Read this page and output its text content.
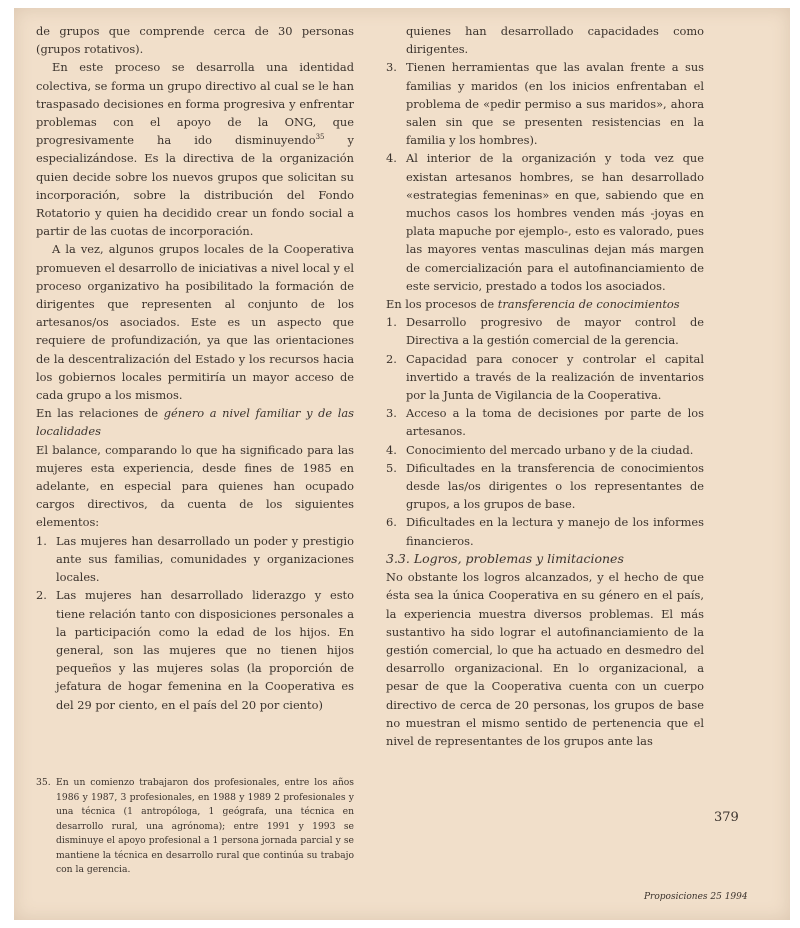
de grupos que comprende cerca de 30 personas (grupos rotativos).

En este proceso se desarrolla una identidad colectiva, se forma un grupo directivo al cual se le han traspasado decisiones en forma progresiva y enfrentar problemas con el apoyo de la ONG, que progresivamente ha ido disminuyendo$^{35}$ y especializándose. Es la directiva de la organización quien decide sobre los nuevos grupos que solicitan su incorporación, sobre la distribución del Fondo Rotatorio y quien ha decidido crear un fondo social a partir de las cuotas de incorporación.

A la vez, algunos grupos locales de la Cooperativa promueven el desarrollo de iniciativas a nivel local y el proceso organizativo ha posibilitado la formación de dirigentes que representen al conjunto de los artesanos/os asociados. Este es un aspecto que requiere de profundización, ya que las orientaciones de la descentralización del Estado y los recursos hacia los gobiernos locales permitiría un mayor acceso de cada grupo a los mismos.

En las relaciones de género a nivel familiar y de las localidades

El balance, comparando lo que ha significado para las mujeres esta experiencia, desde fines de 1985 en adelante, en especial para quienes han ocupado cargos directivos, da cuenta de los siguientes elementos:

1. Las mujeres han desarrollado un poder y prestigio ante sus familias, comunidades y organizaciones locales.
2. Las mujeres han desarrollado liderazgo y esto tiene relación tanto con disposiciones personales a la participación como la edad de los hijos. En general, son las mujeres que no tienen hijos pequeños y las mujeres solas (la proporción de jefatura de hogar femenina en la Cooperativa es del 29 por ciento, en el país del 20 por ciento)
35. En un comienzo trabajaron dos profesionales, entre los años 1986 y 1987, 3 profesionales, en 1988 y 1989 2 profesionales y una técnica (1 antropóloga, 1 geógrafa, una técnica en desarrollo rural, una agrónoma); entre 1991 y 1993 se disminuye el apoyo profesional a 1 persona jornada parcial y se mantiene la técnica en desarrollo rural que continúa su trabajo con la gerencia.

quienes han desarrollado capacidades como dirigentes.

3. Tienen herramientas que las avalan frente a sus familias y maridos (en los inicios enfrentaban el problema de «pedir permiso a sus maridos», ahora salen sin que se presenten resistencias en la familia y los hombres).
4. Al interior de la organización y toda vez que existan artesanos hombres, se han desarrollado «estrategias femeninas» en que, sabiendo que en muchos casos los hombres venden más -joyas en plata mapuche por ejemplo-, esto es valorado, pues las mayores ventas masculinas dejan más margen de comercialización para el autofinanciamiento de este servicio, prestado a todos los asociados.

En los procesos de transferencia de conocimientos

1. Desarrollo progresivo de mayor control de Directiva a la gestión comercial de la gerencia.
2. Capacidad para conocer y controlar el capital invertido a través de la realización de inventarios por la Junta de Vigilancia de la Cooperativa.
3. Acceso a la toma de decisiones por parte de los artesanos.
4. Conocimiento del mercado urbano y de la ciudad.
5. Dificultades en la transferencia de conocimientos desde las/os dirigentes o los representantes de grupos, a los grupos de base.
6. Dificultades en la lectura y manejo de los informes financieros.

3.3. Logros, problemas y limitaciones

No obstante los logros alcanzados, y el hecho de que ésta sea la única Cooperativa en su género en el país, la experiencia muestra diversos problemas. El más sustantivo ha sido lograr el autofinanciamiento de la gestión comercial, lo que ha actuado en desmedro del desarrollo organizacional. En lo organizacional, a pesar de que la Cooperativa cuenta con un cuerpo directivo de cerca de 20 personas, los grupos de base no muestran el mismo sentido de pertenencia que el nivel de representantes de los grupos ante las

379
Proposiciones 25 1994
